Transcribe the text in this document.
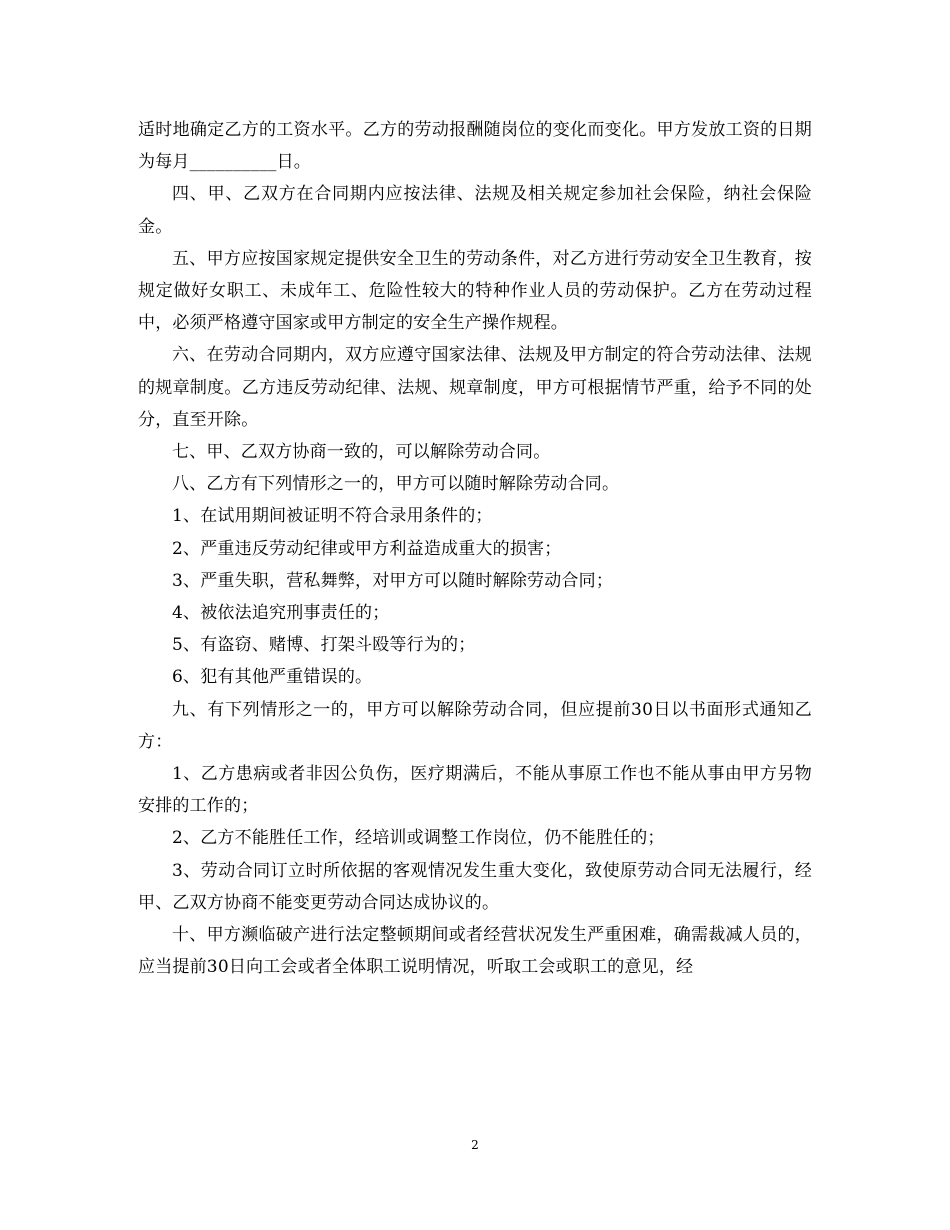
适时地确定乙方的工资水平。乙方的劳动报酬随岗位的变化而变化。甲方发放工资的日期为每月__________日。

四、甲、乙双方在合同期内应按法律、法规及相关规定参加社会保险，纳社会保险金。

五、甲方应按国家规定提供安全卫生的劳动条件，对乙方进行劳动安全卫生教育，按规定做好女职工、未成年工、危险性较大的特种作业人员的劳动保护。乙方在劳动过程中，必须严格遵守国家或甲方制定的安全生产操作规程。

六、在劳动合同期内，双方应遵守国家法律、法规及甲方制定的符合劳动法律、法规的规章制度。乙方违反劳动纪律、法规、规章制度，甲方可根据情节严重，给予不同的处分，直至开除。

七、甲、乙双方协商一致的，可以解除劳动合同。

八、乙方有下列情形之一的，甲方可以随时解除劳动合同。

1、在试用期间被证明不符合录用条件的；

2、严重违反劳动纪律或甲方利益造成重大的损害；

3、严重失职，营私舞弊，对甲方可以随时解除劳动合同；

4、被依法追究刑事责任的；

5、有盗窃、赌博、打架斗殴等行为的；

6、犯有其他严重错误的。

九、有下列情形之一的，甲方可以解除劳动合同，但应提前30日以书面形式通知乙方：

1、乙方患病或者非因公负伤，医疗期满后，不能从事原工作也不能从事由甲方另物安排的工作的；

2、乙方不能胜任工作，经培训或调整工作岗位，仍不能胜任的；

3、劳动合同订立时所依据的客观情况发生重大变化，致使原劳动合同无法履行，经甲、乙双方协商不能变更劳动合同达成协议的。

十、甲方濒临破产进行法定整顿期间或者经营状况发生严重困难，确需裁减人员的，应当提前30日向工会或者全体职工说明情况，听取工会或职工的意见，经

2
